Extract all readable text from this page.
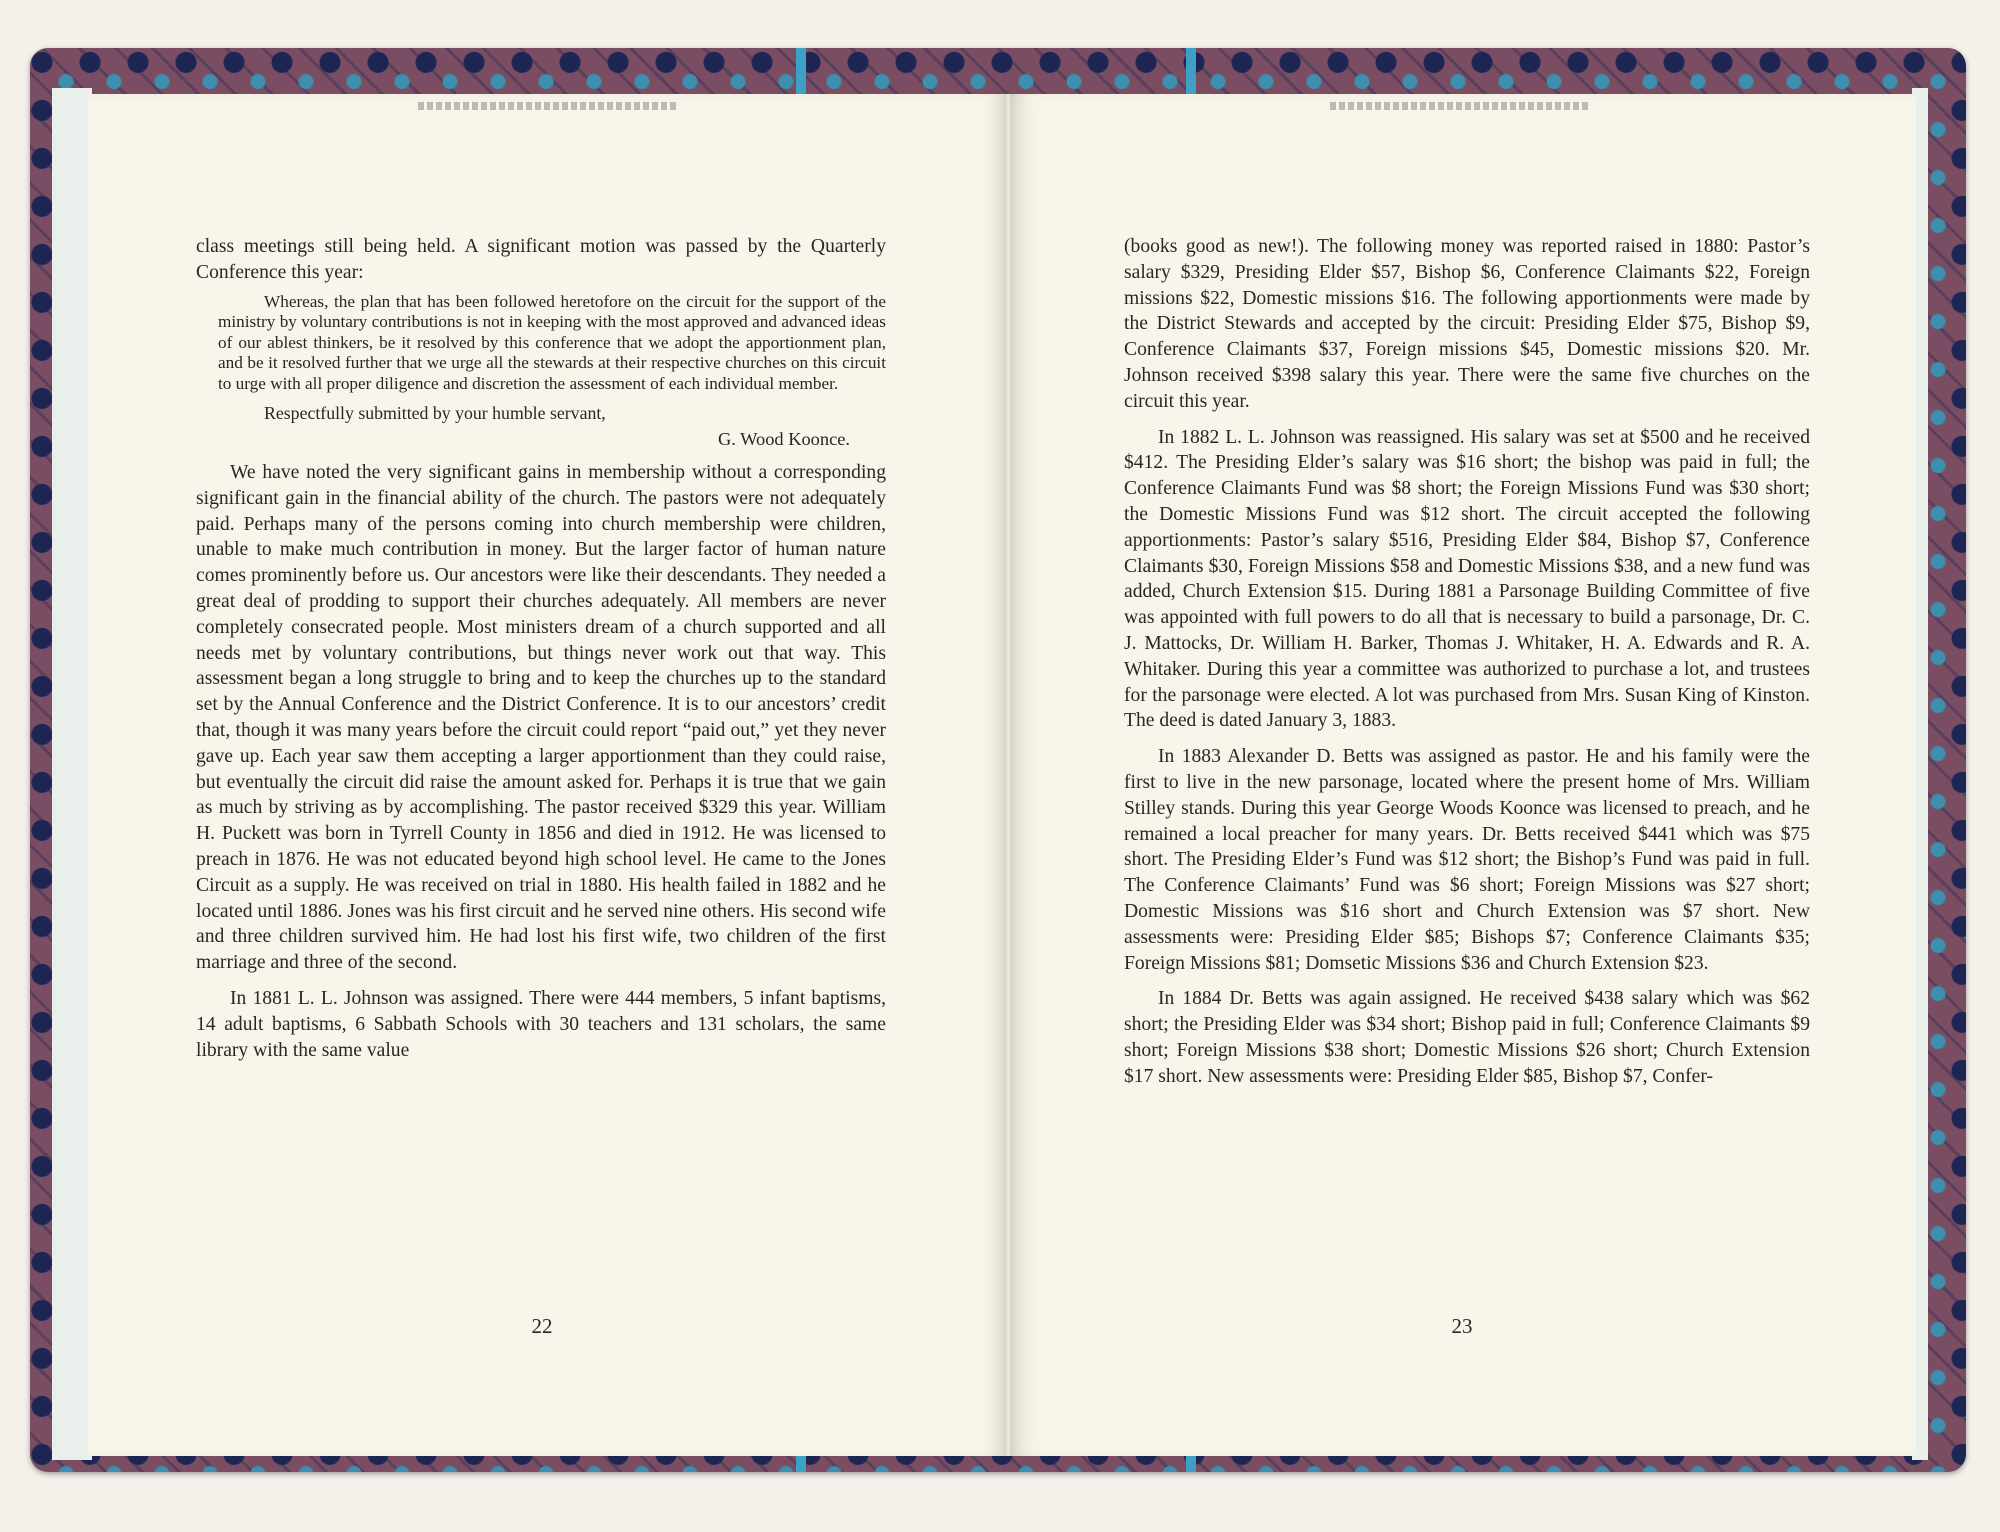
class meetings still being held. A significant motion was passed by the Quarterly Conference this year:

Whereas, the plan that has been followed heretofore on the circuit for the support of the ministry by voluntary contributions is not in keeping with the most approved and advanced ideas of our ablest thinkers, be it resolved by this conference that we adopt the apportionment plan, and be it resolved further that we urge all the stewards at their respective churches on this circuit to urge with all proper diligence and discretion the assessment of each individual member.

Respectfully submitted by your humble servant,

G. Wood Koonce.

We have noted the very significant gains in membership without a corresponding significant gain in the financial ability of the church. The pastors were not adequately paid. Perhaps many of the persons coming into church membership were children, unable to make much contribution in money. But the larger factor of human nature comes prominently before us. Our ancestors were like their descendants. They needed a great deal of prodding to support their churches adequately. All members are never completely consecrated people. Most ministers dream of a church supported and all needs met by voluntary contributions, but things never work out that way. This assessment began a long struggle to bring and to keep the churches up to the standard set by the Annual Conference and the District Conference. It is to our ancestors’ credit that, though it was many years before the circuit could report “paid out,” yet they never gave up. Each year saw them accepting a larger apportionment than they could raise, but eventually the circuit did raise the amount asked for. Perhaps it is true that we gain as much by striving as by accomplishing. The pastor received $329 this year. William H. Puckett was born in Tyrrell County in 1856 and died in 1912. He was licensed to preach in 1876. He was not educated beyond high school level. He came to the Jones Circuit as a supply. He was received on trial in 1880. His health failed in 1882 and he located until 1886. Jones was his first circuit and he served nine others. His second wife and three children survived him. He had lost his first wife, two children of the first marriage and three of the second.

In 1881 L. L. Johnson was assigned. There were 444 members, 5 infant baptisms, 14 adult baptisms, 6 Sabbath Schools with 30 teachers and 131 scholars, the same library with the same value

22

(books good as new!). The following money was reported raised in 1880: Pastor’s salary $329, Presiding Elder $57, Bishop $6, Conference Claimants $22, Foreign missions $22, Domestic missions $16. The following apportionments were made by the District Stewards and accepted by the circuit: Presiding Elder $75, Bishop $9, Conference Claimants $37, Foreign missions $45, Domestic missions $20. Mr. Johnson received $398 salary this year. There were the same five churches on the circuit this year.

In 1882 L. L. Johnson was reassigned. His salary was set at $500 and he received $412. The Presiding Elder’s salary was $16 short; the bishop was paid in full; the Conference Claimants Fund was $8 short; the Foreign Missions Fund was $30 short; the Domestic Missions Fund was $12 short. The circuit accepted the following apportionments: Pastor’s salary $516, Presiding Elder $84, Bishop $7, Conference Claimants $30, Foreign Missions $58 and Domestic Missions $38, and a new fund was added, Church Extension $15. During 1881 a Parsonage Building Committee of five was appointed with full powers to do all that is necessary to build a parsonage, Dr. C. J. Mattocks, Dr. William H. Barker, Thomas J. Whitaker, H. A. Edwards and R. A. Whitaker. During this year a committee was authorized to purchase a lot, and trustees for the parsonage were elected. A lot was purchased from Mrs. Susan King of Kinston. The deed is dated January 3, 1883.

In 1883 Alexander D. Betts was assigned as pastor. He and his family were the first to live in the new parsonage, located where the present home of Mrs. William Stilley stands. During this year George Woods Koonce was licensed to preach, and he remained a local preacher for many years. Dr. Betts received $441 which was $75 short. The Presiding Elder’s Fund was $12 short; the Bishop’s Fund was paid in full. The Conference Claimants’ Fund was $6 short; Foreign Missions was $27 short; Domestic Missions was $16 short and Church Extension was $7 short. New assessments were: Presiding Elder $85; Bishops $7; Conference Claimants $35; Foreign Missions $81; Domsetic Missions $36 and Church Extension $23.

In 1884 Dr. Betts was again assigned. He received $438 salary which was $62 short; the Presiding Elder was $34 short; Bishop paid in full; Conference Claimants $9 short; Foreign Missions $38 short; Domestic Missions $26 short; Church Extension $17 short. New assessments were: Presiding Elder $85, Bishop $7, Confer-

23
